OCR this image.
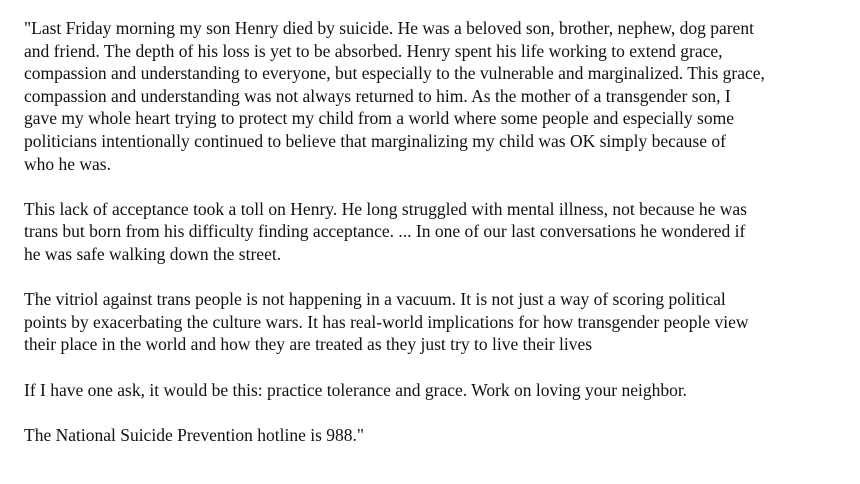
"Last Friday morning my son Henry died by suicide. He was a beloved son, brother, nephew, dog parent
and friend. The depth of his loss is yet to be absorbed. Henry spent his life working to extend grace,
compassion and understanding to everyone, but especially to the vulnerable and marginalized. This grace,
compassion and understanding was not always returned to him. As the mother of a transgender son, I
gave my whole heart trying to protect my child from a world where some people and especially some
politicians intentionally continued to believe that marginalizing my child was OK simply because of
who he was.

This lack of acceptance took a toll on Henry. He long struggled with mental illness, not because he was
trans but born from his difficulty finding acceptance. ... In one of our last conversations he wondered if
he was safe walking down the street.

The vitriol against trans people is not happening in a vacuum. It is not just a way of scoring political
points by exacerbating the culture wars. It has real-world implications for how transgender people view
their place in the world and how they are treated as they just try to live their lives

If I have one ask, it would be this: practice tolerance and grace. Work on loving your neighbor.

The National Suicide Prevention hotline is 988."
